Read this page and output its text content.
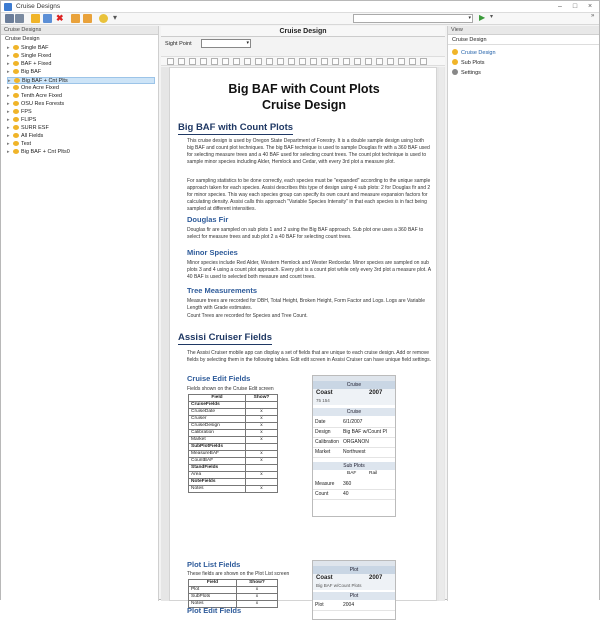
Cruise Designs	–	□	×
✖	▾	▾ ▶ ▾	»
Cruise Designs
Cruise Design
▸ Single BAF
▸ Single Fixed
▸ BAF + Fixed
▸ Big BAF
▸ Big BAF + Cnt Plts
▸ One Acre Fixed
▸ Tenth Acre Fixed
▸ OSU Res Forests
▸ FPS
▸ FLIPS
▸ SURR ESF
▸ All Fields
▸ Test
▸ Big BAF + Cnt Plts0
Cruise Design
Sight Point	▾
Big BAF with Count Plots
Cruise Design
Big BAF with Count Plots
This cruise design is used by Oregon State Department of Forestry. It is a double sample design using both big BAF and count plot techniques. The big BAF technique is used to sample Douglas fir with a 360 BAF used for selecting measure trees and a 40 BAF used for selecting count trees. The count plot technique is used to sample minor species including Alder, Hemlock and Cedar, with every 3rd plot a measure plot.
For sampling statistics to be done correctly, each species must be "expanded" according to the unique sample approach taken for each species. Assisi describes this type of design using 4 sub plots: 2 for Douglas fir and 2 for minor species. This way each species group can specify its own count and measure expansion factors for calculating density. Assisi calls this approach "Variable Species Intensity" in that each species is in fact being sampled at different intensities.
Douglas Fir
Douglas fir are sampled on sub plots 1 and 2 using the Big BAF approach. Sub plot one uses a 360 BAF to select for measure trees and sub plot 2 a 40 BAF for selecting count trees.
Minor Species
Minor species include Red Alder, Western Hemlock and Wester Redcedar. Minor species are sampled on sub plots 3 and 4 using a count plot approach. Every plot is a count plot while only every 3rd plot a measure plot. A 40 BAF is used to selected both measure and count trees.
Tree Measurements
Measure trees are recorded for DBH, Total Height, Broken Height, Form Factor and Logs. Logs are Variable Length with Grade estimates.
Count Trees are recorded for Species and Tree Count.
Assisi Cruiser Fields
The Assisi Cruiser mobile app can display a set of fields that are unique to each cruise design. Add or remove fields by selecting them in the following tables. Edit edit screen in Assisi Cruiser can have unique field settings.
Cruise Edit Fields
Fields shown on the Cruise Edit screen
Field	Show?
CruiseFields	
CruiseDate	x
Cruiser	x
CruiseDesign	x
Calibration	x
Market	x
SubPlotFields	
MeasureBAF	x
CountBAF	x
StandFields	
Area	x
NoteFields	
Notes	x
Cruise
Coast	2007
75 154
Cruise
Date	6/1/2007
Design Big BAF w/Count Pl
Calibration ORGANON
Market	Northwest
Sub Plots
BAF	Rail
Measure 360
Count	40
Plot List Fields
These fields are shown on the Plot List screen
Field	Show?
Plot	x
SubPlots	x
Notes	x
Plot
Coast	2007
Big BAF w/Count Plots
Plot
Plot	2004
Plot Edit Fields
View
Cruise Design
Cruise Design
Sub Plots
Settings
